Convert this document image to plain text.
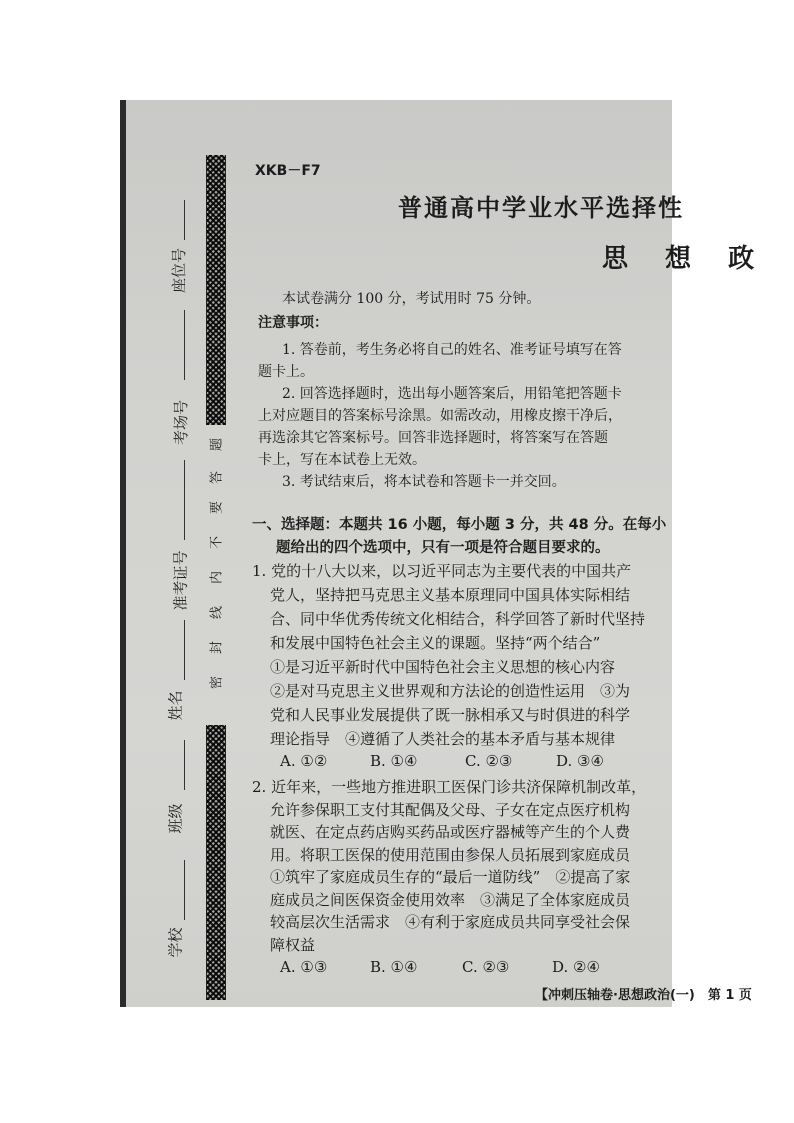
座位号
考场号
准考证号
姓名
班级
学校
密
封
线
内
不
要
答
题
XKB－F7
普通高中学业水平选择性
思 想 政
本试卷满分 100 分，考试用时 75 分钟。
注意事项：
1. 答卷前，考生务必将自己的姓名、准考证号填写在答
题卡上。
2. 回答选择题时，选出每小题答案后，用铅笔把答题卡
上对应题目的答案标号涂黑。如需改动，用橡皮擦干净后，
再选涂其它答案标号。回答非选择题时，将答案写在答题
卡上，写在本试卷上无效。
3. 考试结束后，将本试卷和答题卡一并交回。
一、选择题：本题共 16 小题，每小题 3 分，共 48 分。在每小
题给出的四个选项中，只有一项是符合题目要求的。
1. 党的十八大以来，以习近平同志为主要代表的中国共产
党人，坚持把马克思主义基本原理同中国具体实际相结
合、同中华优秀传统文化相结合，科学回答了新时代坚持
和发展中国特色社会主义的课题。坚持“两个结合”
①是习近平新时代中国特色社会主义思想的核心内容
②是对马克思主义世界观和方法论的创造性运用　③为
党和人民事业发展提供了既一脉相承又与时俱进的科学
理论指导　④遵循了人类社会的基本矛盾与基本规律
A. ①②	B. ①④	C. ②③	D. ③④
2. 近年来，一些地方推进职工医保门诊共济保障机制改革，
允许参保职工支付其配偶及父母、子女在定点医疗机构
就医、在定点药店购买药品或医疗器械等产生的个人费
用。将职工医保的使用范围由参保人员拓展到家庭成员
①筑牢了家庭成员生存的“最后一道防线”　②提高了家
庭成员之间医保资金使用效率　③满足了全体家庭成员
较高层次生活需求　④有利于家庭成员共同享受社会保
障权益
【冲刺压轴卷·思想政治(一)　第 1 页
A. ①③	B. ①④	C. ②③	D. ②④
